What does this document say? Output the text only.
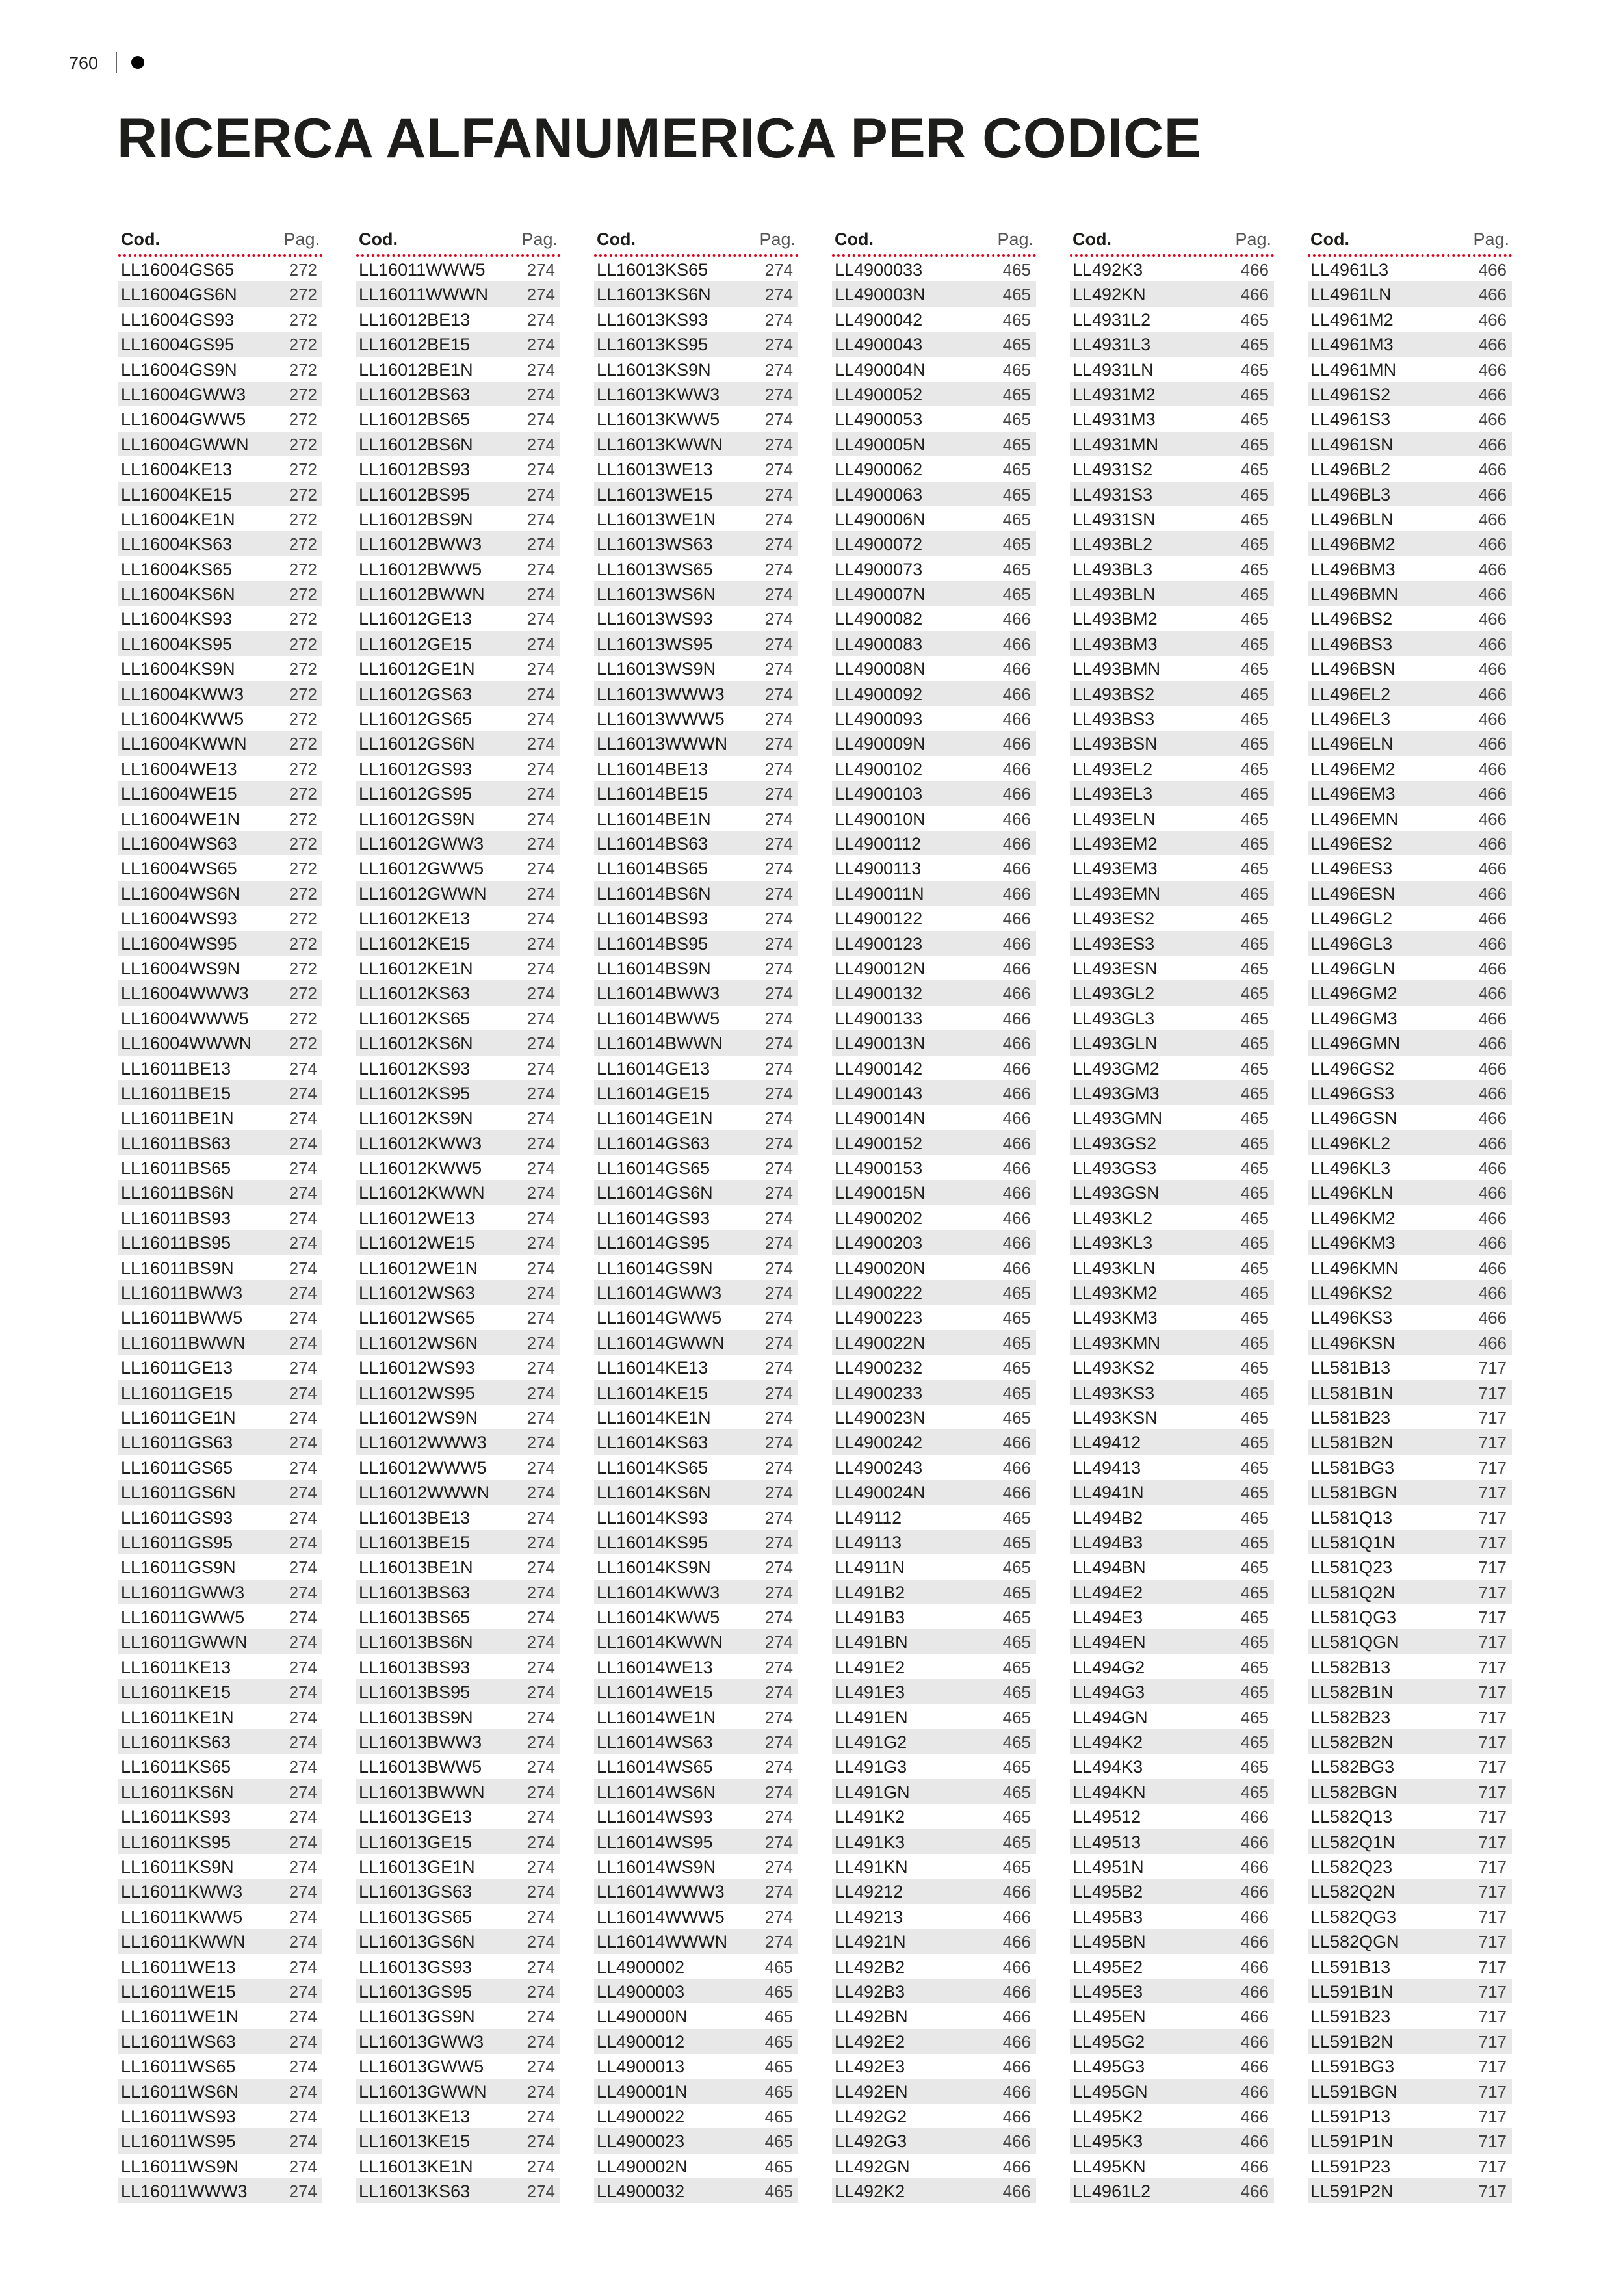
760
RICERCA ALFANUMERICA PER CODICE
Cod.	Pag.
LL16004GS65	272
LL16004GS6N	272
LL16004GS93	272
LL16004GS95	272
LL16004GS9N	272
LL16004GWW3	272
LL16004GWW5	272
LL16004GWWN 272
LL16004KE13	272
LL16004KE15	272
LL16004KE1N	272
LL16004KS63	272
LL16004KS65	272
LL16004KS6N	272
LL16004KS93	272
LL16004KS95	272
LL16004KS9N	272
LL16004KWW3	272
LL16004KWW5	272
LL16004KWWN	272
LL16004WE13	272
LL16004WE15	272
LL16004WE1N	272
LL16004WS63	272
LL16004WS65	272
LL16004WS6N	272
LL16004WS93	272
LL16004WS95	272
LL16004WS9N	272
LL16004WWW3 272
LL16004WWW5 272
LL16004WWWN 272
LL16011BE13	274
LL16011BE15	274
LL16011BE1N	274
LL16011BS63	274
LL16011BS65	274
LL16011BS6N	274
LL16011BS93	274
LL16011BS95	274
LL16011BS9N	274
LL16011BWW3	274
LL16011BWW5	274
LL16011BWWN	274
LL16011GE13	274
LL16011GE15	274
LL16011GE1N	274
LL16011GS63	274
LL16011GS65	274
LL16011GS6N	274
LL16011GS93	274
LL16011GS95	274
LL16011GS9N	274
LL16011GWW3	274
LL16011GWW5	274
LL16011GWWN 274
LL16011KE13	274
LL16011KE15	274
LL16011KE1N	274
LL16011KS63	274
LL16011KS65	274
LL16011KS6N	274
LL16011KS93	274
LL16011KS95	274
LL16011KS9N	274
LL16011KWW3	274
LL16011KWW5	274
LL16011KWWN	274
LL16011WE13	274
LL16011WE15	274
LL16011WE1N	274
LL16011WS63	274
LL16011WS65	274
LL16011WS6N	274
LL16011WS93	274
LL16011WS95	274
LL16011WS9N	274
LL16011WWW3 274
Cod.	Pag.
LL16011WWW5 274
LL16011WWWN 274
LL16012BE13	274
LL16012BE15	274
LL16012BE1N	274
LL16012BS63	274
LL16012BS65	274
LL16012BS6N	274
LL16012BS93	274
LL16012BS95	274
LL16012BS9N	274
LL16012BWW3	274
LL16012BWW5	274
LL16012BWWN	274
LL16012GE13	274
LL16012GE15	274
LL16012GE1N	274
LL16012GS63	274
LL16012GS65	274
LL16012GS6N	274
LL16012GS93	274
LL16012GS95	274
LL16012GS9N	274
LL16012GWW3	274
LL16012GWW5	274
LL16012GWWN 274
LL16012KE13	274
LL16012KE15	274
LL16012KE1N	274
LL16012KS63	274
LL16012KS65	274
LL16012KS6N	274
LL16012KS93	274
LL16012KS95	274
LL16012KS9N	274
LL16012KWW3	274
LL16012KWW5	274
LL16012KWWN	274
LL16012WE13	274
LL16012WE15	274
LL16012WE1N	274
LL16012WS63	274
LL16012WS65	274
LL16012WS6N	274
LL16012WS93	274
LL16012WS95	274
LL16012WS9N	274
LL16012WWW3 274
LL16012WWW5 274
LL16012WWWN 274
LL16013BE13	274
LL16013BE15	274
LL16013BE1N	274
LL16013BS63	274
LL16013BS65	274
LL16013BS6N	274
LL16013BS93	274
LL16013BS95	274
LL16013BS9N	274
LL16013BWW3	274
LL16013BWW5	274
LL16013BWWN	274
LL16013GE13	274
LL16013GE15	274
LL16013GE1N	274
LL16013GS63	274
LL16013GS65	274
LL16013GS6N	274
LL16013GS93	274
LL16013GS95	274
LL16013GS9N	274
LL16013GWW3	274
LL16013GWW5	274
LL16013GWWN 274
LL16013KE13	274
LL16013KE15	274
LL16013KE1N	274
LL16013KS63	274
Cod.	Pag.
LL16013KS65	274
LL16013KS6N	274
LL16013KS93	274
LL16013KS95	274
LL16013KS9N	274
LL16013KWW3	274
LL16013KWW5	274
LL16013KWWN	274
LL16013WE13	274
LL16013WE15	274
LL16013WE1N	274
LL16013WS63	274
LL16013WS65	274
LL16013WS6N	274
LL16013WS93	274
LL16013WS95	274
LL16013WS9N	274
LL16013WWW3 274
LL16013WWW5 274
LL16013WWWN 274
LL16014BE13	274
LL16014BE15	274
LL16014BE1N	274
LL16014BS63	274
LL16014BS65	274
LL16014BS6N	274
LL16014BS93	274
LL16014BS95	274
LL16014BS9N	274
LL16014BWW3	274
LL16014BWW5	274
LL16014BWWN	274
LL16014GE13	274
LL16014GE15	274
LL16014GE1N	274
LL16014GS63	274
LL16014GS65	274
LL16014GS6N	274
LL16014GS93	274
LL16014GS95	274
LL16014GS9N	274
LL16014GWW3	274
LL16014GWW5	274
LL16014GWWN 274
LL16014KE13	274
LL16014KE15	274
LL16014KE1N	274
LL16014KS63	274
LL16014KS65	274
LL16014KS6N	274
LL16014KS93	274
LL16014KS95	274
LL16014KS9N	274
LL16014KWW3	274
LL16014KWW5	274
LL16014KWWN	274
LL16014WE13	274
LL16014WE15	274
LL16014WE1N	274
LL16014WS63	274
LL16014WS65	274
LL16014WS6N	274
LL16014WS93	274
LL16014WS95	274
LL16014WS9N	274
LL16014WWW3 274
LL16014WWW5 274
LL16014WWWN 274
LL4900002	465
LL4900003	465
LL490000N	465
LL4900012	465
LL4900013	465
LL490001N	465
LL4900022	465
LL4900023	465
LL490002N	465
LL4900032	465
Cod.	Pag.
LL4900033	465
LL490003N	465
LL4900042	465
LL4900043	465
LL490004N	465
LL4900052	465
LL4900053	465
LL490005N	465
LL4900062	465
LL4900063	465
LL490006N	465
LL4900072	465
LL4900073	465
LL490007N	465
LL4900082	466
LL4900083	466
LL490008N	466
LL4900092	466
LL4900093	466
LL490009N	466
LL4900102	466
LL4900103	466
LL490010N	466
LL4900112	466
LL4900113	466
LL490011N	466
LL4900122	466
LL4900123	466
LL490012N	466
LL4900132	466
LL4900133	466
LL490013N	466
LL4900142	466
LL4900143	466
LL490014N	466
LL4900152	466
LL4900153	466
LL490015N	466
LL4900202	466
LL4900203	466
LL490020N	466
LL4900222	465
LL4900223	465
LL490022N	465
LL4900232	465
LL4900233	465
LL490023N	465
LL4900242	466
LL4900243	466
LL490024N	466
LL49112	465
LL49113	465
LL4911N	465
LL491B2	465
LL491B3	465
LL491BN	465
LL491E2	465
LL491E3	465
LL491EN	465
LL491G2	465
LL491G3	465
LL491GN	465
LL491K2	465
LL491K3	465
LL491KN	465
LL49212	466
LL49213	466
LL4921N	466
LL492B2	466
LL492B3	466
LL492BN	466
LL492E2	466
LL492E3	466
LL492EN	466
LL492G2	466
LL492G3	466
LL492GN	466
LL492K2	466
Cod.	Pag.
LL492K3	466
LL492KN	466
LL4931L2	465
LL4931L3	465
LL4931LN	465
LL4931M2	465
LL4931M3	465
LL4931MN	465
LL4931S2	465
LL4931S3	465
LL4931SN	465
LL493BL2	465
LL493BL3	465
LL493BLN	465
LL493BM2	465
LL493BM3	465
LL493BMN	465
LL493BS2	465
LL493BS3	465
LL493BSN	465
LL493EL2	465
LL493EL3	465
LL493ELN	465
LL493EM2	465
LL493EM3	465
LL493EMN	465
LL493ES2	465
LL493ES3	465
LL493ESN	465
LL493GL2	465
LL493GL3	465
LL493GLN	465
LL493GM2	465
LL493GM3	465
LL493GMN	465
LL493GS2	465
LL493GS3	465
LL493GSN	465
LL493KL2	465
LL493KL3	465
LL493KLN	465
LL493KM2	465
LL493KM3	465
LL493KMN	465
LL493KS2	465
LL493KS3	465
LL493KSN	465
LL49412	465
LL49413	465
LL4941N	465
LL494B2	465
LL494B3	465
LL494BN	465
LL494E2	465
LL494E3	465
LL494EN	465
LL494G2	465
LL494G3	465
LL494GN	465
LL494K2	465
LL494K3	465
LL494KN	465
LL49512	466
LL49513	466
LL4951N	466
LL495B2	466
LL495B3	466
LL495BN	466
LL495E2	466
LL495E3	466
LL495EN	466
LL495G2	466
LL495G3	466
LL495GN	466
LL495K2	466
LL495K3	466
LL495KN	466
LL4961L2	466
Cod.	Pag.
LL4961L3	466
LL4961LN	466
LL4961M2	466
LL4961M3	466
LL4961MN	466
LL4961S2	466
LL4961S3	466
LL4961SN	466
LL496BL2	466
LL496BL3	466
LL496BLN	466
LL496BM2	466
LL496BM3	466
LL496BMN	466
LL496BS2	466
LL496BS3	466
LL496BSN	466
LL496EL2	466
LL496EL3	466
LL496ELN	466
LL496EM2	466
LL496EM3	466
LL496EMN	466
LL496ES2	466
LL496ES3	466
LL496ESN	466
LL496GL2	466
LL496GL3	466
LL496GLN	466
LL496GM2	466
LL496GM3	466
LL496GMN	466
LL496GS2	466
LL496GS3	466
LL496GSN	466
LL496KL2	466
LL496KL3	466
LL496KLN	466
LL496KM2	466
LL496KM3	466
LL496KMN	466
LL496KS2	466
LL496KS3	466
LL496KSN	466
LL581B13	717
LL581B1N	717
LL581B23	717
LL581B2N	717
LL581BG3	717
LL581BGN	717
LL581Q13	717
LL581Q1N	717
LL581Q23	717
LL581Q2N	717
LL581QG3	717
LL581QGN	717
LL582B13	717
LL582B1N	717
LL582B23	717
LL582B2N	717
LL582BG3	717
LL582BGN	717
LL582Q13	717
LL582Q1N	717
LL582Q23	717
LL582Q2N	717
LL582QG3	717
LL582QGN	717
LL591B13	717
LL591B1N	717
LL591B23	717
LL591B2N	717
LL591BG3	717
LL591BGN	717
LL591P13	717
LL591P1N	717
LL591P23	717
LL591P2N	717
